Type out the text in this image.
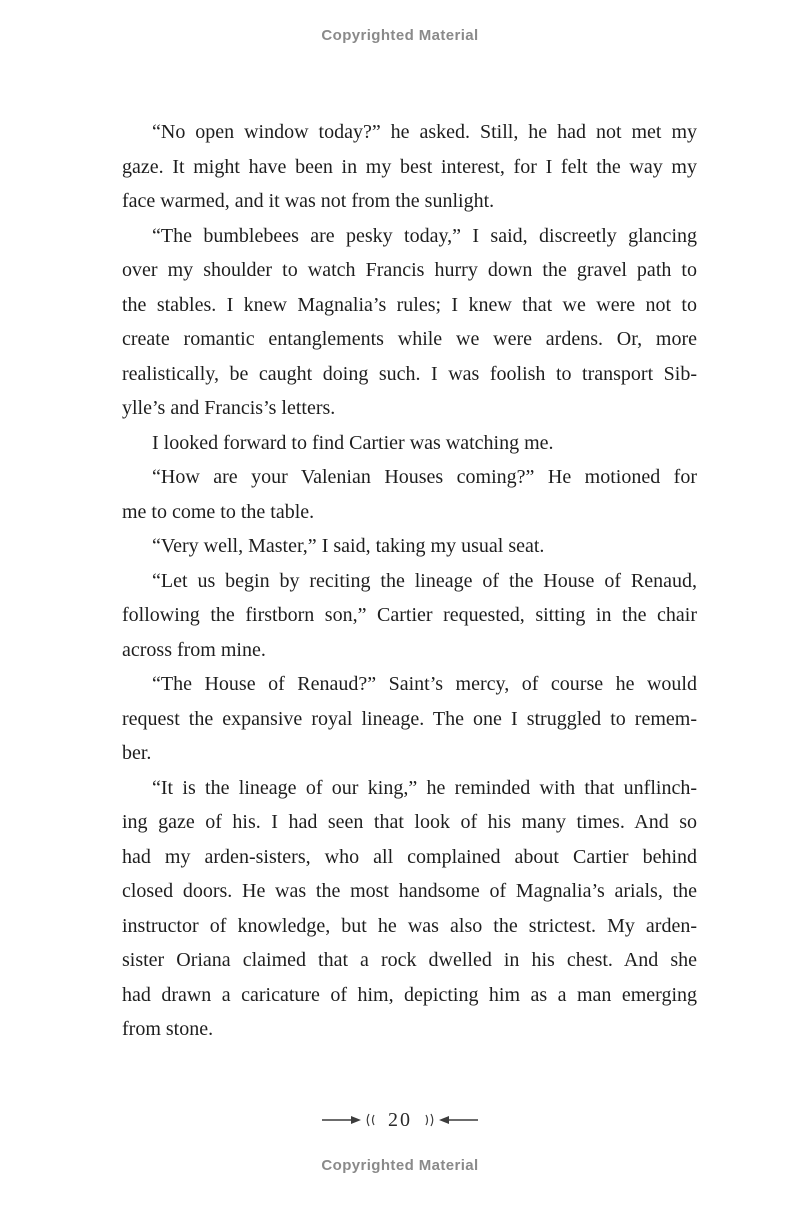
Copyrighted Material
“No open window today?” he asked. Still, he had not met my
gaze. It might have been in my best interest, for I felt the way my
face warmed, and it was not from the sunlight.
“The bumblebees are pesky today,” I said, discreetly glancing
over my shoulder to watch Francis hurry down the gravel path to
the stables. I knew Magnalia’s rules; I knew that we were not to
create romantic entanglements while we were ardens. Or, more
realistically, be caught doing such. I was foolish to transport Sib-
ylle’s and Francis’s letters.
I looked forward to find Cartier was watching me.
“How are your Valenian Houses coming?” He motioned for
me to come to the table.
“Very well, Master,” I said, taking my usual seat.
“Let us begin by reciting the lineage of the House of Renaud,
following the firstborn son,” Cartier requested, sitting in the chair
across from mine.
“The House of Renaud?” Saint’s mercy, of course he would
request the expansive royal lineage. The one I struggled to remem-
ber.
“It is the lineage of our king,” he reminded with that unflinch-
ing gaze of his. I had seen that look of his many times. And so
had my arden-sisters, who all complained about Cartier behind
closed doors. He was the most handsome of Magnalia’s arials, the
instructor of knowledge, but he was also the strictest. My arden-
sister Oriana claimed that a rock dwelled in his chest. And she
had drawn a caricature of him, depicting him as a man emerging
from stone.
20
Copyrighted Material
